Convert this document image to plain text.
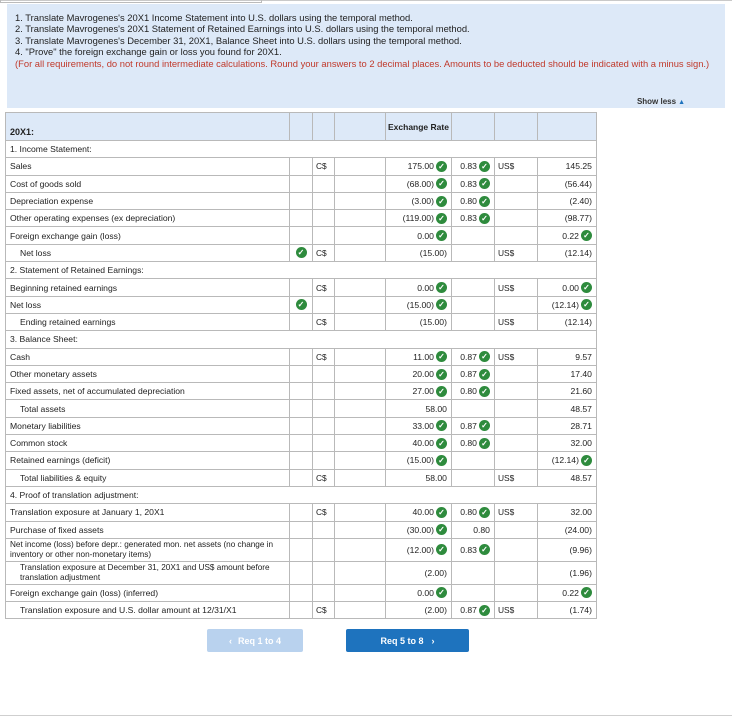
1. Translate Mavrogenes's 20X1 Income Statement into U.S. dollars using the temporal method.
2. Translate Mavrogenes's 20X1 Statement of Retained Earnings into U.S. dollars using the temporal method.
3. Translate Mavrogenes's December 31, 20X1, Balance Sheet into U.S. dollars using the temporal method.
4. "Prove" the foreign exchange gain or loss you found for 20X1.
(For all requirements, do not round intermediate calculations. Round your answers to 2 decimal places. Amounts to be deducted should be indicated with a minus sign.)
Show less ▲
20X1:				Exchange Rate			
1. Income Statement:							
Sales		C$		175.00 ✓	0.83 ✓	US$	145.25

Cost of goods sold				(68.00) ✓	0.83 ✓		(56.44)

Depreciation expense				(3.00) ✓	0.80 ✓		(2.40)

Other operating expenses (ex depreciation)				(119.00) ✓	0.83 ✓		(98.77)

Foreign exchange gain (loss)				0.00 ✓			0.22 ✓

Net loss	✓	C$		(15.00)		US$	(12.14)

2. Statement of Retained Earnings:							
Beginning retained earnings		C$		0.00 ✓		US$	0.00 ✓

Net loss	✓			(15.00) ✓			(12.14) ✓

Ending retained earnings		C$		(15.00)		US$	(12.14)

3. Balance Sheet:							
Cash		C$		11.00 ✓	0.87 ✓	US$	9.57

Other monetary assets				20.00 ✓	0.87 ✓		17.40

Fixed assets, net of accumulated depreciation				27.00 ✓	0.80 ✓		21.60

Total assets				58.00			48.57

Monetary liabilities				33.00 ✓	0.87 ✓		28.71

Common stock				40.00 ✓	0.80 ✓		32.00

Retained earnings (deficit)				(15.00) ✓			(12.14) ✓

Total liabilities & equity		C$		58.00		US$	48.57

4. Proof of translation adjustment:							
Translation exposure at January 1, 20X1		C$		40.00 ✓	0.80 ✓	US$	32.00

Purchase of fixed assets				(30.00) ✓	0.80		(24.00)

Net income (loss) before depr.: generated mon. net assets (no change in inventory or other non-monetary items)				(12.00) ✓	0.83 ✓		(9.96)

Translation exposure at December 31, 20X1 and US$ amount before translation adjustment				(2.00)			(1.96)

Foreign exchange gain (loss) (inferred)				0.00 ✓			0.22 ✓

Translation exposure and U.S. dollar amount at 12/31/X1		C$		(2.00)	0.87 ✓	US$	(1.74)
‹ Req 1 to 4	Req 5 to 8 ›
